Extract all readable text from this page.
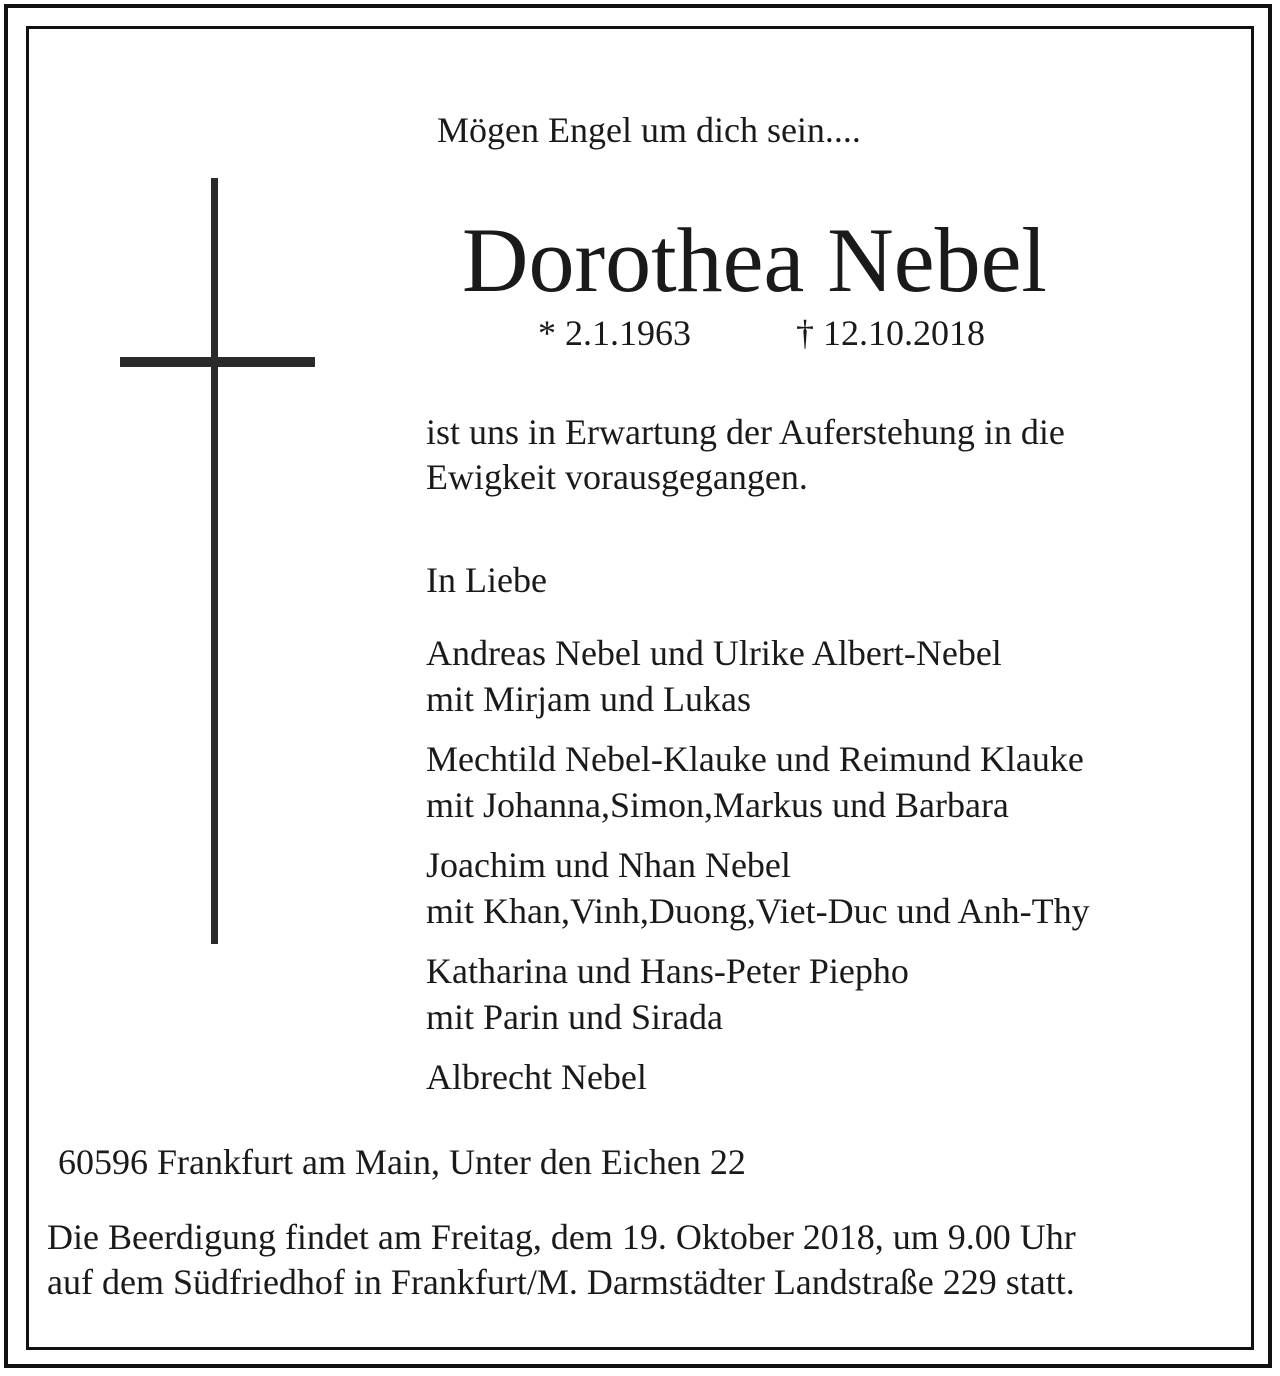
Mögen Engel um dich sein....
Dorothea Nebel
* 2.1.1963	† 12.10.2018
ist uns in Erwartung der Auferstehung in die
Ewigkeit vorausgegangen.
In Liebe
Andreas Nebel und Ulrike Albert-Nebel
mit Mirjam und Lukas
Mechtild Nebel-Klauke und Reimund Klauke
mit Johanna,Simon,Markus und Barbara
Joachim und Nhan Nebel
mit Khan,Vinh,Duong,Viet-Duc und Anh-Thy
Katharina und Hans-Peter Piepho
mit Parin und Sirada
Albrecht Nebel
60596 Frankfurt am Main, Unter den Eichen 22
Die Beerdigung findet am Freitag, dem 19. Oktober 2018, um 9.00 Uhr
auf dem Südfriedhof in Frankfurt/M. Darmstädter Landstraße 229 statt.
